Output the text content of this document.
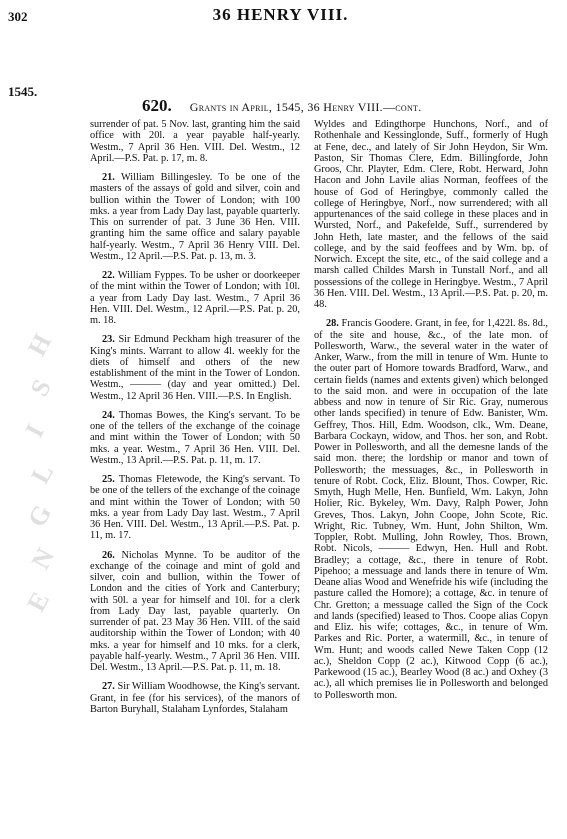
302	36 HENRY VIII.
1545.
620. Grants in April, 1545, 36 Henry VIII.—cont.
H
S
I
L
G
N
E

surrender of pat. 5 Nov. last, granting him the said office with 20l. a year payable half-yearly. Westm., 7 April 36 Hen. VIII. Del. Westm., 12 April.—P.S. Pat. p. 17, m. 8.

21. William Billingesley. To be one of the masters of the assays of gold and silver, coin and bullion within the Tower of London; with 100 mks. a year from Lady Day last, payable quarterly. This on surrender of pat. 3 June 36 Hen. VIII. granting him the same office and salary payable half-yearly. Westm., 7 April 36 Henry VIII. Del. Westm., 12 April.—P.S. Pat. p. 13, m. 3.

22. William Fyppes. To be usher or doorkeeper of the mint within the Tower of London; with 10l. a year from Lady Day last. Westm., 7 April 36 Hen. VIII. Del. Westm., 12 April.—P.S. Pat. p. 20, m. 18.

23. Sir Edmund Peckham high treasurer of the King's mints. Warrant to allow 4l. weekly for the diets of himself and others of the new establishment of the mint in the Tower of London. Westm., ——— (day and year omitted.) Del. Westm., 12 April 36 Hen. VIII.—P.S. In English.

24. Thomas Bowes, the King's servant. To be one of the tellers of the exchange of the coinage and mint within the Tower of London; with 50 mks. a year. Westm., 7 April 36 Hen. VIII. Del. Westm., 13 April.—P.S. Pat. p. 11, m. 17.

25. Thomas Fletewode, the King's servant. To be one of the tellers of the exchange of the coinage and mint within the Tower of London; with 50 mks. a year from Lady Day last. Westm., 7 April 36 Hen. VIII. Del. Westm., 13 April.—P.S. Pat. p. 11, m. 17.

26. Nicholas Mynne. To be auditor of the exchange of the coinage and mint of gold and silver, coin and bullion, within the Tower of London and the cities of York and Canterbury; with 50l. a year for himself and 10l. for a clerk from Lady Day last, payable quarterly. On surrender of pat. 23 May 36 Hen. VIII. of the said auditorship within the Tower of London; with 40 mks. a year for himself and 10 mks. for a clerk, payable half-yearly. Westm., 7 April 36 Hen. VIII. Del. Westm., 13 April.—P.S. Pat. p. 11, m. 18.

27. Sir William Woodhowse, the King's servant. Grant, in fee (for his services), of the manors of Barton Buryhall, Stalaham Lynfordes, Stalaham

Wyldes and Edingthorpe Hunchons, Norf., and of Rothenhale and Kessinglonde, Suff., formerly of Hugh at Fene, dec., and lately of Sir John Heydon, Sir Wm. Paston, Sir Thomas Clere, Edm. Billingforde, John Groos, Chr. Playter, Edm. Clere, Robt. Herward, John Hacon and John Lavile alias Norman, feoffees of the house of God of Heringbye, commonly called the college of Heringbye, Norf., now surrendered; with all appurtenances of the said college in these places and in Wursted, Norf., and Pakefelde, Suff., surrendered by John Heth, late master, and the fellows of the said college, and by the said feoffees and by Wm. bp. of Norwich. Except the site, etc., of the said college and a marsh called Childes Marsh in Tunstall Norf., and all possessions of the college in Heringbye. Westm., 7 April 36 Hen. VIII. Del. Westm., 13 April.—P.S. Pat. p. 20, m. 48.

28. Francis Goodere. Grant, in fee, for 1,422l. 8s. 8d., of the site and house, &c., of the late mon. of Pollesworth, Warw., the several water in the water of Anker, Warw., from the mill in tenure of Wm. Hunte to the outer part of Homore towards Bradford, Warw., and certain fields (names and extents given) which belonged to the said mon. and were in occupation of the late abbess and now in tenure of Sir Ric. Gray, numerous other lands specified) in tenure of Edw. Banister, Wm. Geffrey, Thos. Hill, Edm. Woodson, clk., Wm. Deane, Barbara Cockayn, widow, and Thos. her son, and Robt. Power in Pollesworth, and all the demesne lands of the said mon. there; the lordship or manor and town of Pollesworth; the messuages, &c., in Pollesworth in tenure of Robt. Cock, Eliz. Blount, Thos. Cowper, Ric. Smyth, Hugh Melle, Hen. Bunfield, Wm. Lakyn, John Holier, Ric. Bykeley, Wm. Davy, Ralph Power, John Greves, Thos. Lakyn, John Coope, John Scote, Ric. Wright, Ric. Tubney, Wm. Hunt, John Shilton, Wm. Toppler, Robt. Mulling, John Rowley, Thos. Brown, Robt. Nicols, ——— Edwyn, Hen. Hull and Robt. Bradley; a cottage, &c., there in tenure of Robt. Pipehoo; a messuage and lands there in tenure of Wm. Deane alias Wood and Wenefride his wife (including the pasture called the Homore); a cottage, &c. in tenure of Chr. Gretton; a messuage called the Sign of the Cock and lands (specified) leased to Thos. Coope alias Copyn and Eliz. his wife; cottages, &c., in tenure of Wm. Parkes and Ric. Porter, a watermill, &c., in tenure of Wm. Hunt; and woods called Newe Taken Copp (12 ac.), Sheldon Copp (2 ac.), Kitwood Copp (6 ac.), Parkewood (15 ac.), Bearley Wood (8 ac.) and Oxhey (3 ac.), all which premises lie in Pollesworth and belonged to Pollesworth mon.
